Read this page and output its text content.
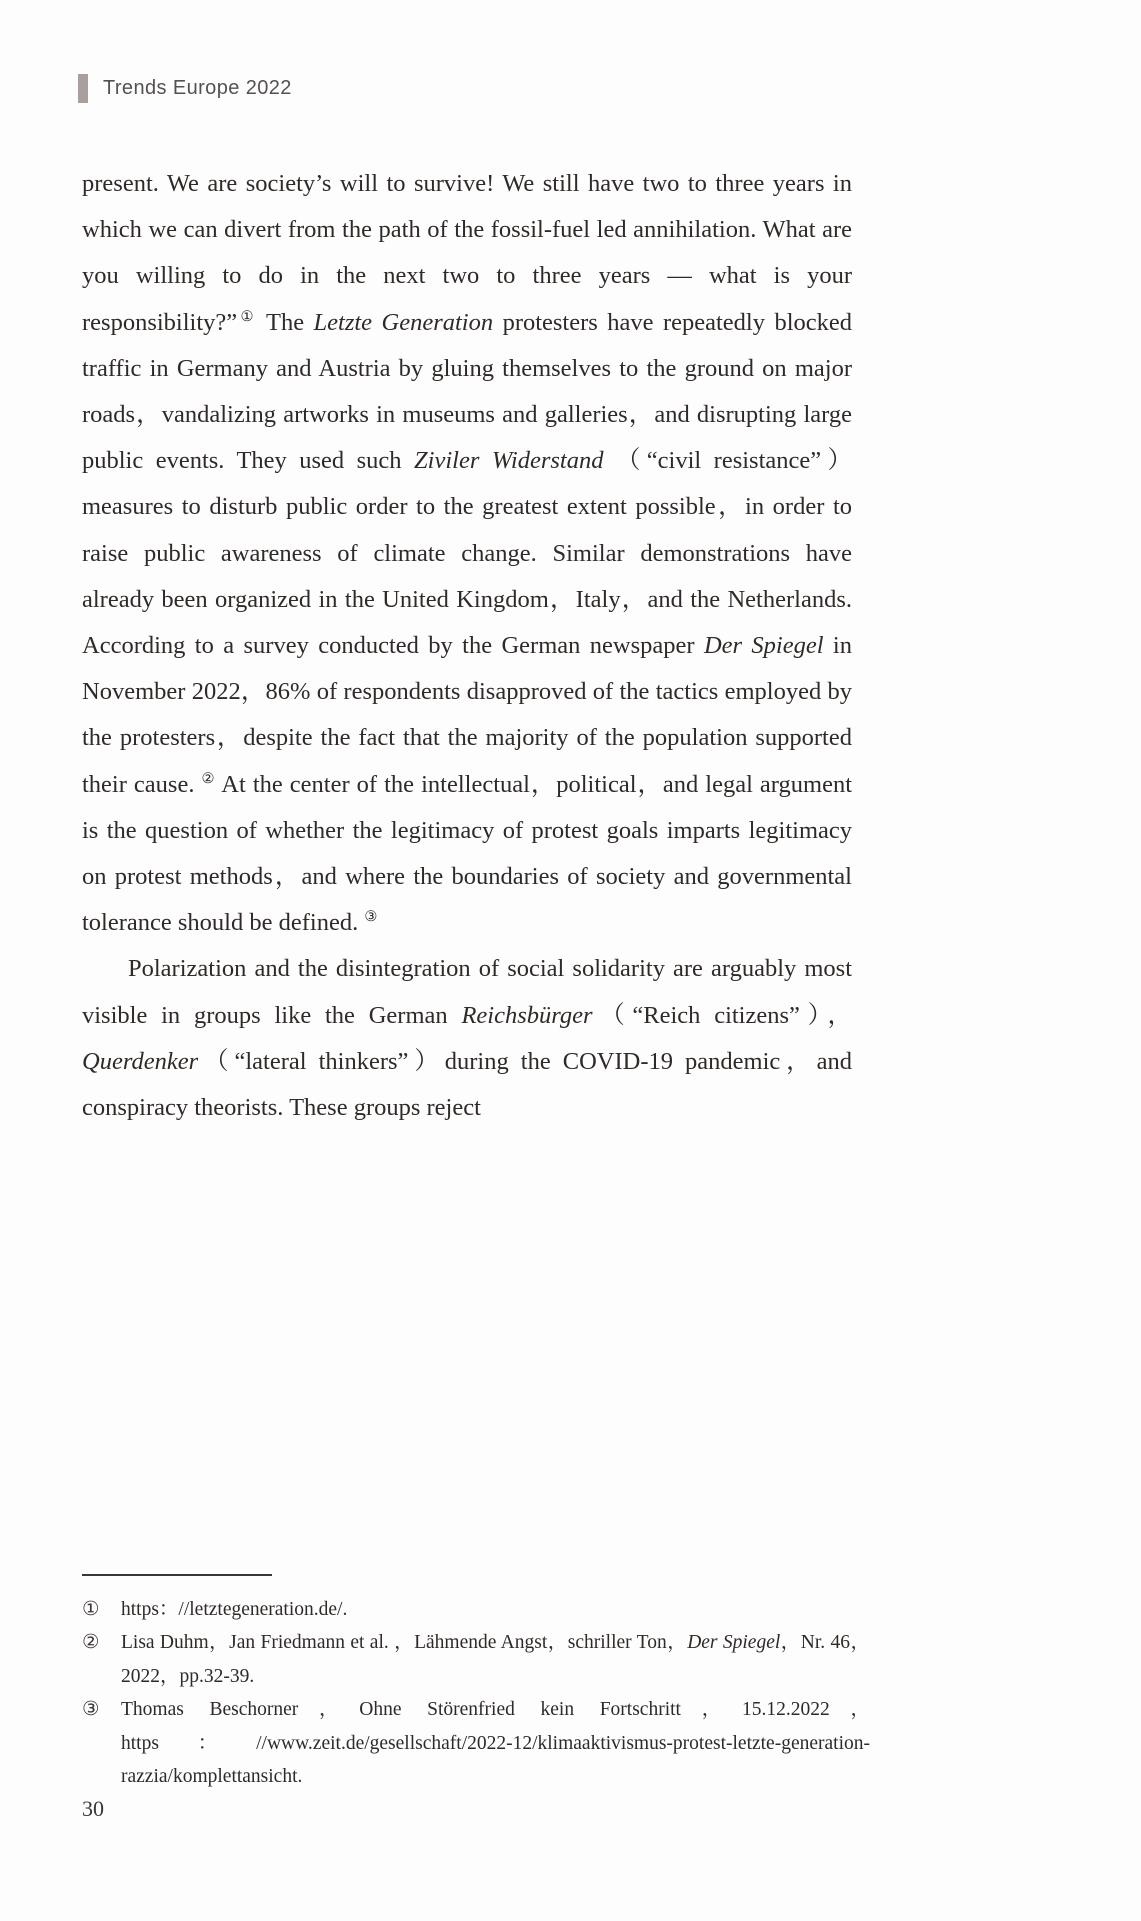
Trends Europe 2022

present. We are society’s will to survive! We still have two to three years in which we can divert from the path of the fossil-fuel led annihilation. What are you willing to do in the next two to three years — what is your responsibility?”① The Letzte Generation protesters have repeatedly blocked traffic in Germany and Austria by gluing themselves to the ground on major roads，vandalizing artworks in museums and galleries，and disrupting large public events. They used such Ziviler Widerstand （“civil resistance”） measures to disturb public order to the greatest extent possible，in order to raise public awareness of climate change. Similar demonstrations have already been organized in the United Kingdom，Italy，and the Netherlands. According to a survey conducted by the German newspaper Der Spiegel in November 2022，86% of respondents disapproved of the tactics employed by the protesters，despite the fact that the majority of the population supported their cause. ② At the center of the intellectual，political，and legal argument is the question of whether the legitimacy of protest goals imparts legitimacy on protest methods，and where the boundaries of society and governmental tolerance should be defined. ③

Polarization and the disintegration of social solidarity are arguably most visible in groups like the German Reichsbürger（“Reich citizens”），Querdenker（“lateral thinkers”）during the COVID-19 pandemic，and conspiracy theorists. These groups reject

①	https：//letztegeneration.de/.
②	Lisa Duhm，Jan Friedmann et al. ，Lähmende Angst，schriller Ton，Der Spiegel，Nr. 46，2022，pp.32-39.
③	Thomas Beschorner，Ohne Störenfried kein Fortschritt，15.12.2022，https：//www.zeit.de/gesellschaft/2022-12/klimaaktivismus-protest-letzte-generation-razzia/komplettansicht.
30
